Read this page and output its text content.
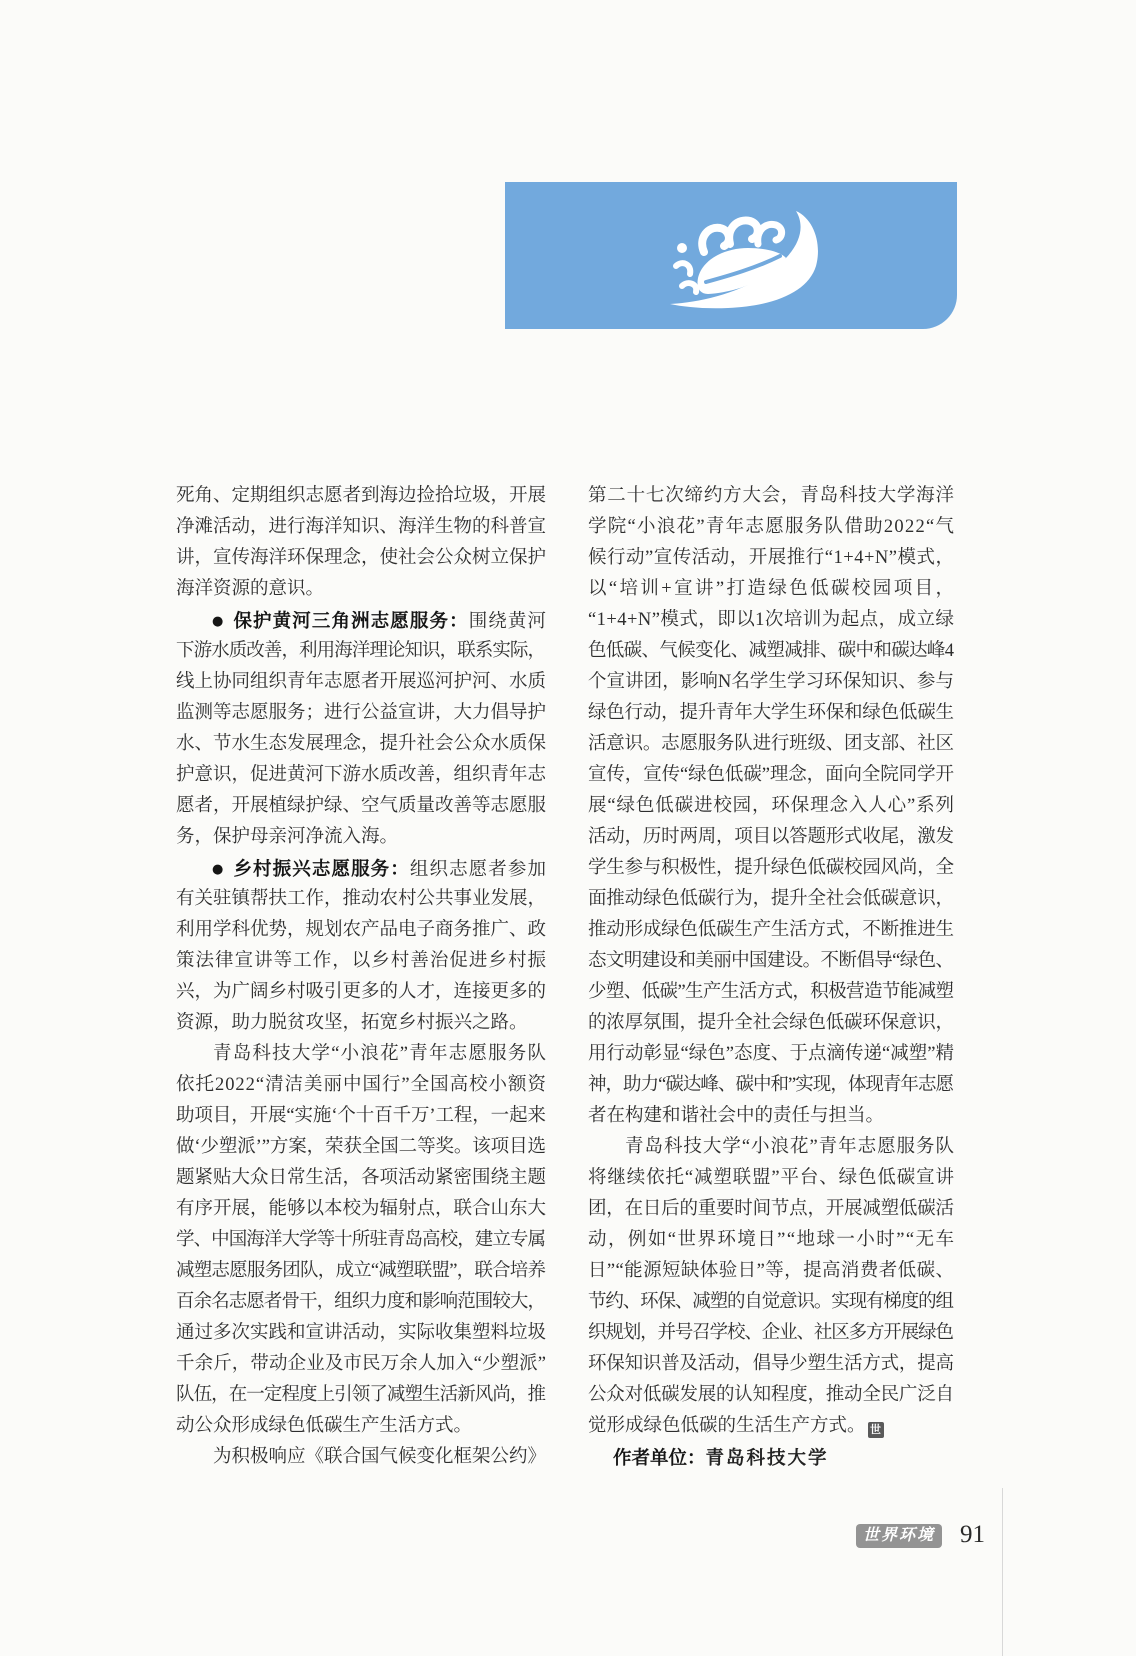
死角、定期组织志愿者到海边捡拾垃圾，开展
净滩活动，进行海洋知识、海洋生物的科普宣
讲，宣传海洋环保理念，使社会公众树立保护
海洋资源的意识。
● 保护黄河三角洲志愿服务：围绕黄河
下游水质改善，利用海洋理论知识，联系实际，
线上协同组织青年志愿者开展巡河护河、水质
监测等志愿服务；进行公益宣讲，大力倡导护
水、节水生态发展理念，提升社会公众水质保
护意识，促进黄河下游水质改善，组织青年志
愿者，开展植绿护绿、空气质量改善等志愿服
务，保护母亲河净流入海。
● 乡村振兴志愿服务：组织志愿者参加
有关驻镇帮扶工作，推动农村公共事业发展，
利用学科优势，规划农产品电子商务推广、政
策法律宣讲等工作，以乡村善治促进乡村振
兴，为广阔乡村吸引更多的人才，连接更多的
资源，助力脱贫攻坚，拓宽乡村振兴之路。
青岛科技大学“小浪花”青年志愿服务队
依托2022“清洁美丽中国行”全国高校小额资
助项目，开展“实施‘个十百千万’工程，一起来
做‘少塑派’”方案，荣获全国二等奖。该项目选
题紧贴大众日常生活，各项活动紧密围绕主题
有序开展，能够以本校为辐射点，联合山东大
学、中国海洋大学等十所驻青岛高校，建立专属
减塑志愿服务团队，成立“减塑联盟”，联合培养
百余名志愿者骨干，组织力度和影响范围较大，
通过多次实践和宣讲活动，实际收集塑料垃圾
千余斤，带动企业及市民万余人加入“少塑派”
队伍，在一定程度上引领了减塑生活新风尚，推
动公众形成绿色低碳生产生活方式。
为积极响应《联合国气候变化框架公约》
第二十七次缔约方大会，青岛科技大学海洋
学院“小浪花”青年志愿服务队借助2022“气
候行动”宣传活动，开展推行“1+4+N”模式，
以“培训+宣讲”打造绿色低碳校园项目，
“1+4+N”模式，即以1次培训为起点，成立绿
色低碳、气候变化、减塑减排、碳中和碳达峰4
个宣讲团，影响N名学生学习环保知识、参与
绿色行动，提升青年大学生环保和绿色低碳生
活意识。志愿服务队进行班级、团支部、社区
宣传，宣传“绿色低碳”理念，面向全院同学开
展“绿色低碳进校园，环保理念入人心”系列
活动，历时两周，项目以答题形式收尾，激发
学生参与积极性，提升绿色低碳校园风尚，全
面推动绿色低碳行为，提升全社会低碳意识，
推动形成绿色低碳生产生活方式，不断推进生
态文明建设和美丽中国建设。不断倡导“绿色、
少塑、低碳”生产生活方式，积极营造节能减塑
的浓厚氛围，提升全社会绿色低碳环保意识，
用行动彰显“绿色”态度、于点滴传递“减塑”精
神，助力“碳达峰、碳中和”实现，体现青年志愿
者在构建和谐社会中的责任与担当。
青岛科技大学“小浪花”青年志愿服务队
将继续依托“减塑联盟”平台、绿色低碳宣讲
团，在日后的重要时间节点，开展减塑低碳活
动，例如“世界环境日”“地球一小时”“无车
日”“能源短缺体验日”等，提高消费者低碳、
节约、环保、减塑的自觉意识。实现有梯度的组
织规划，并号召学校、企业、社区多方开展绿色
环保知识普及活动，倡导少塑生活方式，提高
公众对低碳发展的认知程度，推动全民广泛自
觉形成绿色低碳的生活生产方式。 世
作者单位：青岛科技大学
世界环境 91
